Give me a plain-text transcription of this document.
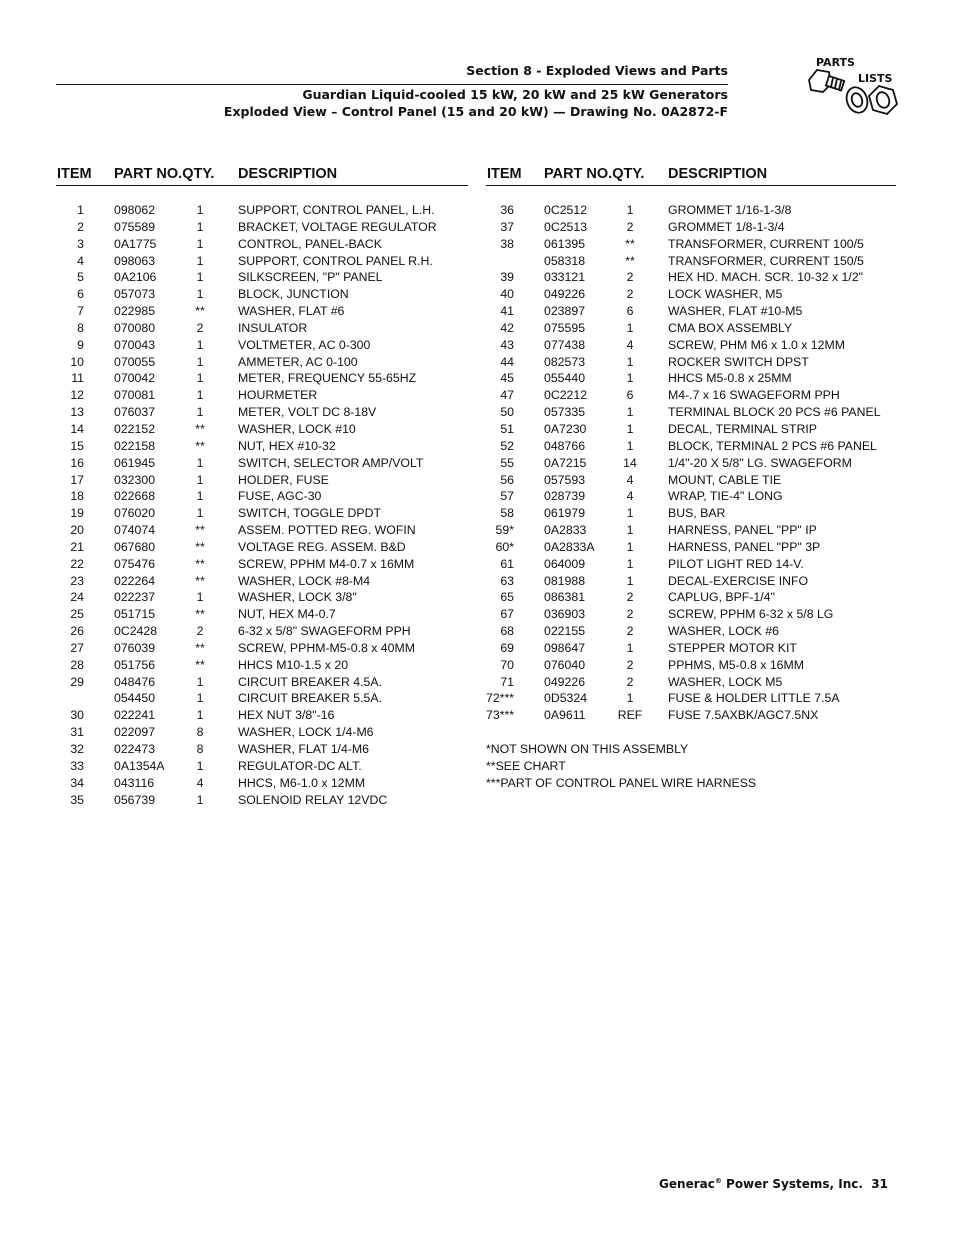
Section 8 - Exploded Views and Parts
Guardian Liquid-cooled 15 kW, 20 kW and 25 kW Generators
Exploded View – Control Panel (15 and 20 kW) — Drawing No. 0A2872-F
PARTS
LISTS
ITEM PART NO.QTY. DESCRIPTION
1 098062	1	SUPPORT, CONTROL PANEL, L.H.
2 075589	1	BRACKET, VOLTAGE REGULATOR
3 0A1775	1	CONTROL, PANEL-BACK
4 098063	1	SUPPORT, CONTROL PANEL R.H.
5 0A2106	1	SILKSCREEN, "P" PANEL
6 057073	1	BLOCK, JUNCTION
7 022985	**	WASHER, FLAT #6
8 070080	2	INSULATOR
9 070043	1	VOLTMETER, AC 0-300
10 070055	1	AMMETER, AC 0-100
11 070042	1	METER, FREQUENCY 55-65HZ
12 070081	1	HOURMETER
13 076037	1	METER, VOLT DC 8-18V
14 022152	**	WASHER, LOCK #10
15 022158	**	NUT, HEX #10-32
16 061945	1	SWITCH, SELECTOR AMP/VOLT
17 032300	1	HOLDER, FUSE
18 022668	1	FUSE, AGC-30
19 076020	1	SWITCH, TOGGLE DPDT
20 074074	**	ASSEM. POTTED REG. WOFIN
21 067680	**	VOLTAGE REG. ASSEM. B&D
22 075476	**	SCREW, PPHM M4-0.7 x 16MM
23 022264	**	WASHER, LOCK #8-M4
24 022237	1	WASHER, LOCK 3/8"
25 051715	**	NUT, HEX M4-0.7
26 0C2428	2	6-32 x 5/8" SWAGEFORM PPH
27 076039	**	SCREW, PPHM-M5-0.8 x 40MM
28 051756	**	HHCS M10-1.5 x 20
29 048476	1	CIRCUIT BREAKER 4.5A.
054450	1	CIRCUIT BREAKER 5.5A.
30 022241	1	HEX NUT 3/8"-16
31 022097	8	WASHER, LOCK 1/4-M6
32 022473	8	WASHER, FLAT 1/4-M6
33 0A1354A	1	REGULATOR-DC ALT.
34 043116	4	HHCS, M6-1.0 x 12MM
35 056739	1	SOLENOID RELAY 12VDC
ITEM PART NO.QTY. DESCRIPTION
36 0C2512	1	GROMMET 1/16-1-3/8
37 0C2513	2	GROMMET 1/8-1-3/4
38 061395	**	TRANSFORMER, CURRENT 100/5
058318	**	TRANSFORMER, CURRENT 150/5
39 033121	2	HEX HD. MACH. SCR. 10-32 x 1/2"
40 049226	2	LOCK WASHER, M5
41 023897	6	WASHER, FLAT #10-M5
42 075595	1	CMA BOX ASSEMBLY
43 077438	4	SCREW, PHM M6 x 1.0 x 12MM
44 082573	1	ROCKER SWITCH DPST
45 055440	1	HHCS M5-0.8 x 25MM
47 0C2212	6	M4-.7 x 16 SWAGEFORM PPH
50 057335	1	TERMINAL BLOCK 20 PCS #6 PANEL
51 0A7230	1	DECAL, TERMINAL STRIP
52 048766	1	BLOCK, TERMINAL 2 PCS #6 PANEL
55 0A7215	14	1/4"-20 X 5/8" LG. SWAGEFORM
56 057593	4	MOUNT, CABLE TIE
57 028739	4	WRAP, TIE-4" LONG
58 061979	1	BUS, BAR
59* 0A2833	1	HARNESS, PANEL "PP" IP
60* 0A2833A	1	HARNESS, PANEL "PP" 3P
61 064009	1	PILOT LIGHT RED 14-V.
63 081988	1	DECAL-EXERCISE INFO
65 086381	2	CAPLUG, BPF-1/4"
67 036903	2	SCREW, PPHM 6-32 x 5/8 LG
68 022155	2	WASHER, LOCK #6
69 098647	1	STEPPER MOTOR KIT
70 076040	2	PPHMS, M5-0.8 x 16MM
71 049226	2	WASHER, LOCK M5
72*** 0D5324	1	FUSE & HOLDER LITTLE 7.5A
73*** 0A9611	REF	FUSE 7.5AXBK/AGC7.5NX
*NOT SHOWN ON THIS ASSEMBLY
**SEE CHART
***PART OF CONTROL PANEL WIRE HARNESS
Generac® Power Systems, Inc. 31
